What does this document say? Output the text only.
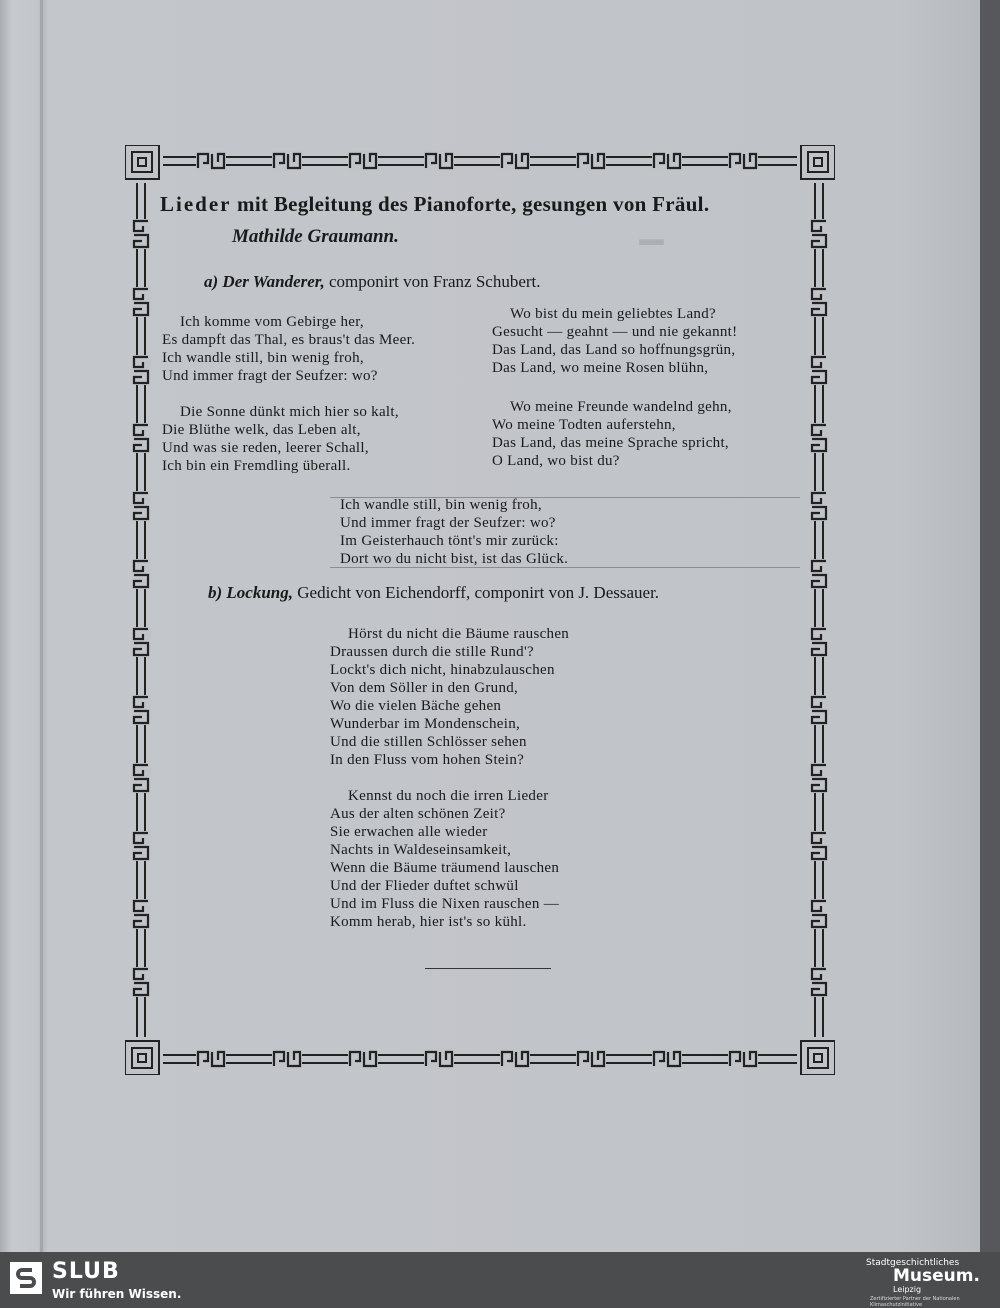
▁
Lieder mit Begleitung des Pianoforte, gesungen von Fräul.
Mathilde Graumann.
a) Der Wanderer, componirt von Franz Schubert.
Ich komme vom Gebirge her,
Es dampft das Thal, es braus't das Meer.
Ich wandle still, bin wenig froh,
Und immer fragt der Seufzer: wo?
Die Sonne dünkt mich hier so kalt,
Die Blüthe welk, das Leben alt,
Und was sie reden, leerer Schall,
Ich bin ein Fremdling überall.
Wo bist du mein geliebtes Land?
Gesucht — geahnt — und nie gekannt!
Das Land, das Land so hoffnungsgrün,
Das Land, wo meine Rosen blühn,
Wo meine Freunde wandelnd gehn,
Wo meine Todten auferstehn,
Das Land, das meine Sprache spricht,
O Land, wo bist du?
Ich wandle still, bin wenig froh,
Und immer fragt der Seufzer: wo?
Im Geisterhauch tönt's mir zurück:
Dort wo du nicht bist, ist das Glück.
b) Lockung, Gedicht von Eichendorff, componirt von J. Dessauer.
Hörst du nicht die Bäume rauschen
Draussen durch die stille Rund'?
Lockt's dich nicht, hinabzulauschen
Von dem Söller in den Grund,
Wo die vielen Bäche gehen
Wunderbar im Mondenschein,
Und die stillen Schlösser sehen
In den Fluss vom hohen Stein?
Kennst du noch die irren Lieder
Aus der alten schönen Zeit?
Sie erwachen alle wieder
Nachts in Waldeseinsamkeit,
Wenn die Bäume träumend lauschen
Und der Flieder duftet schwül
Und im Fluss die Nixen rauschen —
Komm herab, hier ist's so kühl.
SLUB
Wir führen Wissen.
Stadtgeschichtliches
Museum.
Leipzig
Zertifizierter Partner der Nationalen Klimaschutzinitiative
